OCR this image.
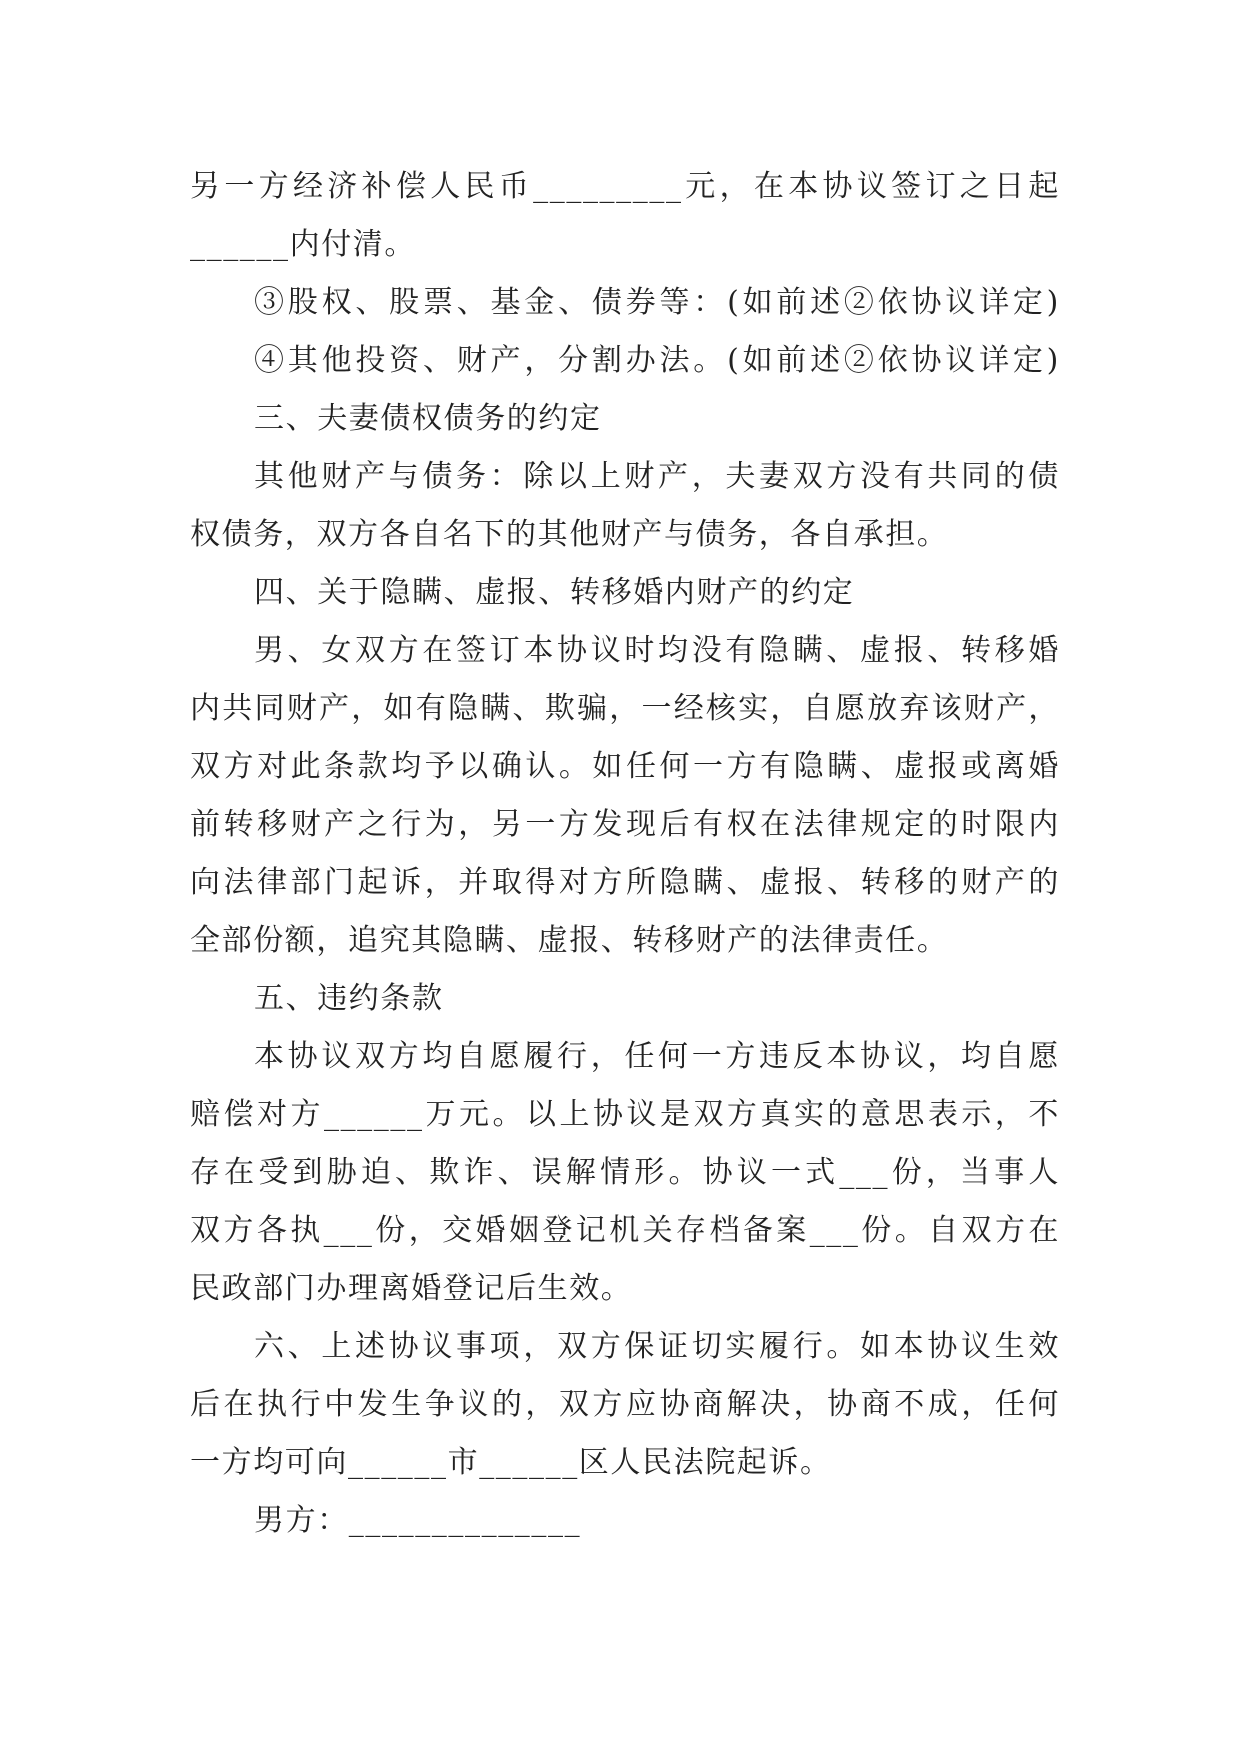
另一方经济补偿人民币_________元，在本协议签订之日起
______内付清。
③股权、股票、基金、债券等：(如前述②依协议详定)
④其他投资、财产，分割办法。(如前述②依协议详定)
三、夫妻债权债务的约定
其他财产与债务：除以上财产，夫妻双方没有共同的债
权债务，双方各自名下的其他财产与债务，各自承担。
四、关于隐瞒、虚报、转移婚内财产的约定
男、女双方在签订本协议时均没有隐瞒、虚报、转移婚
内共同财产，如有隐瞒、欺骗，一经核实，自愿放弃该财产，
双方对此条款均予以确认。如任何一方有隐瞒、虚报或离婚
前转移财产之行为，另一方发现后有权在法律规定的时限内
向法律部门起诉，并取得对方所隐瞒、虚报、转移的财产的
全部份额，追究其隐瞒、虚报、转移财产的法律责任。
五、违约条款
本协议双方均自愿履行，任何一方违反本协议，均自愿
赔偿对方______万元。以上协议是双方真实的意思表示，不
存在受到胁迫、欺诈、误解情形。协议一式___份，当事人
双方各执___份，交婚姻登记机关存档备案___份。自双方在
民政部门办理离婚登记后生效。
六、上述协议事项，双方保证切实履行。如本协议生效
后在执行中发生争议的，双方应协商解决，协商不成，任何
一方均可向______市______区人民法院起诉。
男方：______________
